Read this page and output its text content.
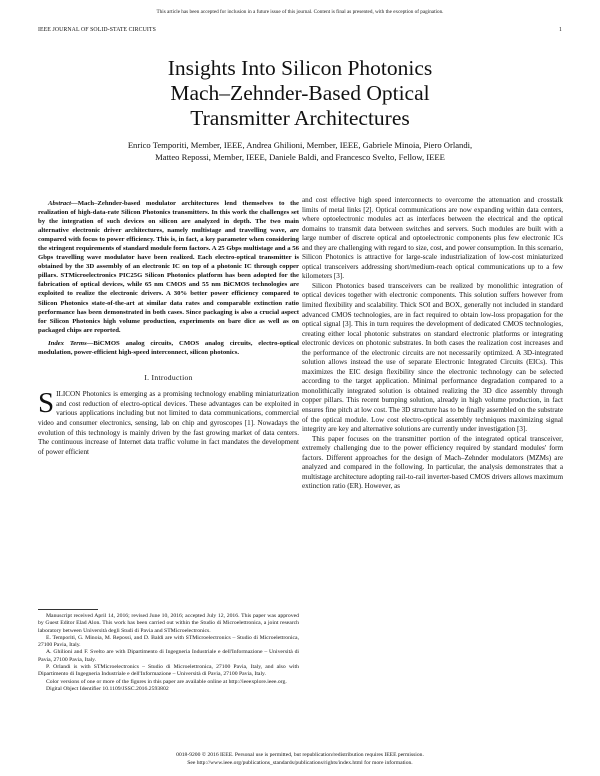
This article has been accepted for inclusion in a future issue of this journal. Content is final as presented, with the exception of pagination.
IEEE JOURNAL OF SOLID-STATE CIRCUITS	1
Insights Into Silicon Photonics
Mach–Zehnder-Based Optical
Transmitter Architectures
Enrico Temporiti, Member, IEEE, Andrea Ghilioni, Member, IEEE, Gabriele Minoia, Piero Orlandi,
Matteo Repossi, Member, IEEE, Daniele Baldi, and Francesco Svelto, Fellow, IEEE

Abstract—Mach–Zehnder-based modulator architectures lend themselves to the realization of high-data-rate Silicon Photonics transmitters. In this work the challenges set by the integration of such devices on silicon are analyzed in depth. The two main alternative electronic driver architectures, namely multistage and travelling wave, are compared with focus to power efficiency. This is, in fact, a key parameter when considering the stringent requirements of standard module form factors. A 25 Gbps multistage and a 56 Gbps travelling wave modulator have been realized. Each electro-optical transmitter is obtained by the 3D assembly of an electronic IC on top of a photonic IC through copper pillars. STMicroelectronics PIC25G Silicon Photonics platform has been adopted for the fabrication of optical devices, while 65 nm CMOS and 55 nm BiCMOS technologies are exploited to realize the electronic drivers. A 30% better power efficiency compared to Silicon Photonics state-of-the-art at similar data rates and comparable extinction ratio performance has been demonstrated in both cases. Since packaging is also a crucial aspect for Silicon Photonics high volume production, experiments on bare dice as well as on packaged chips are reported.

Index Terms—BiCMOS analog circuits, CMOS analog circuits, electro-optical modulation, power-efficient high-speed interconnect, silicon photonics.

I. Introduction

SILICON Photonics is emerging as a promising technology enabling miniaturization and cost reduction of electro-optical devices. These advantages can be exploited in various applications including but not limited to data communications, commercial video and consumer electronics, sensing, lab on chip and gyroscopes [1]. Nowadays the evolution of this technology is mainly driven by the fast growing market of data centers. The continuous increase of Internet data traffic volume in fact mandates the development of power efficient

Manuscript received April 14, 2016; revised June 10, 2016; accepted July 12, 2016. This paper was approved by Guest Editor Elad Alon. This work has been carried out within the Studio di Microelettronica, a joint research laboratory between Università degli Studi di Pavia and STMicroelectronics.

E. Temporiti, G. Minoia, M. Repossi, and D. Baldi are with STMicroelectronics – Studio di Microelettronica, 27100 Pavia, Italy.

A. Ghilioni and F. Svelto are with Dipartimento di Ingegneria Industriale e dell'Informazione – Università di Pavia, 27100 Pavia, Italy.

P. Orlandi is with STMicroelectronics – Studio di Microelettronica, 27100 Pavia, Italy, and also with Dipartimento di Ingegneria Industriale e dell'Informazione – Università di Pavia, 27100 Pavia, Italy.

Color versions of one or more of the figures in this paper are available online at http://ieeexplore.ieee.org.

Digital Object Identifier 10.1109/JSSC.2016.2593802

and cost effective high speed interconnects to overcome the attenuation and crosstalk limits of metal links [2]. Optical communications are now expanding within data centers, where optoelectronic modules act as interfaces between the electrical and the optical domains to transmit data between switches and servers. Such modules are built with a large number of discrete optical and optoelectronic components plus few electronic ICs and they are challenging with regard to size, cost, and power consumption. In this scenario, Silicon Photonics is attractive for large-scale industrialization of low-cost miniaturized optical transceivers addressing short/medium-reach optical communications up to a few kilometers [3].

Silicon Photonics based transceivers can be realized by monolithic integration of optical devices together with electronic components. This solution suffers however from limited flexibility and scalability. Thick SOI and BOX, generally not included in standard advanced CMOS technologies, are in fact required to obtain low-loss propagation for the optical signal [3]. This in turn requires the development of dedicated CMOS technologies, creating either local photonic substrates on standard electronic platforms or integrating electronic devices on photonic substrates. In both cases the realization cost increases and the performance of the electronic circuits are not necessarily optimized. A 3D-integrated solution allows instead the use of separate Electronic Integrated Circuits (EICs). This maximizes the EIC design flexibility since the electronic technology can be selected according to the target application. Minimal performance degradation compared to a monolithically integrated solution is obtained realizing the 3D dice assembly through copper pillars. This recent bumping solution, already in high volume production, in fact ensures fine pitch at low cost. The 3D structure has to be finally assembled on the substrate of the optical module. Low cost electro-optical assembly techniques maximizing signal integrity are key and alternative solutions are currently under investigation [3].

This paper focuses on the transmitter portion of the integrated optical transceiver, extremely challenging due to the power efficiency required by standard modules' form factors. Different approaches for the design of Mach–Zehnder modulators (MZMs) are analyzed and compared in the following. In particular, the analysis demonstrates that a multistage architecture adopting rail-to-rail inverter-based CMOS drivers allows maximum extinction ratio (ER). However, as

0018-9200 © 2016 IEEE. Personal use is permitted, but republication/redistribution requires IEEE permission.
See http://www.ieee.org/publications_standards/publications/rights/index.html for more information.
